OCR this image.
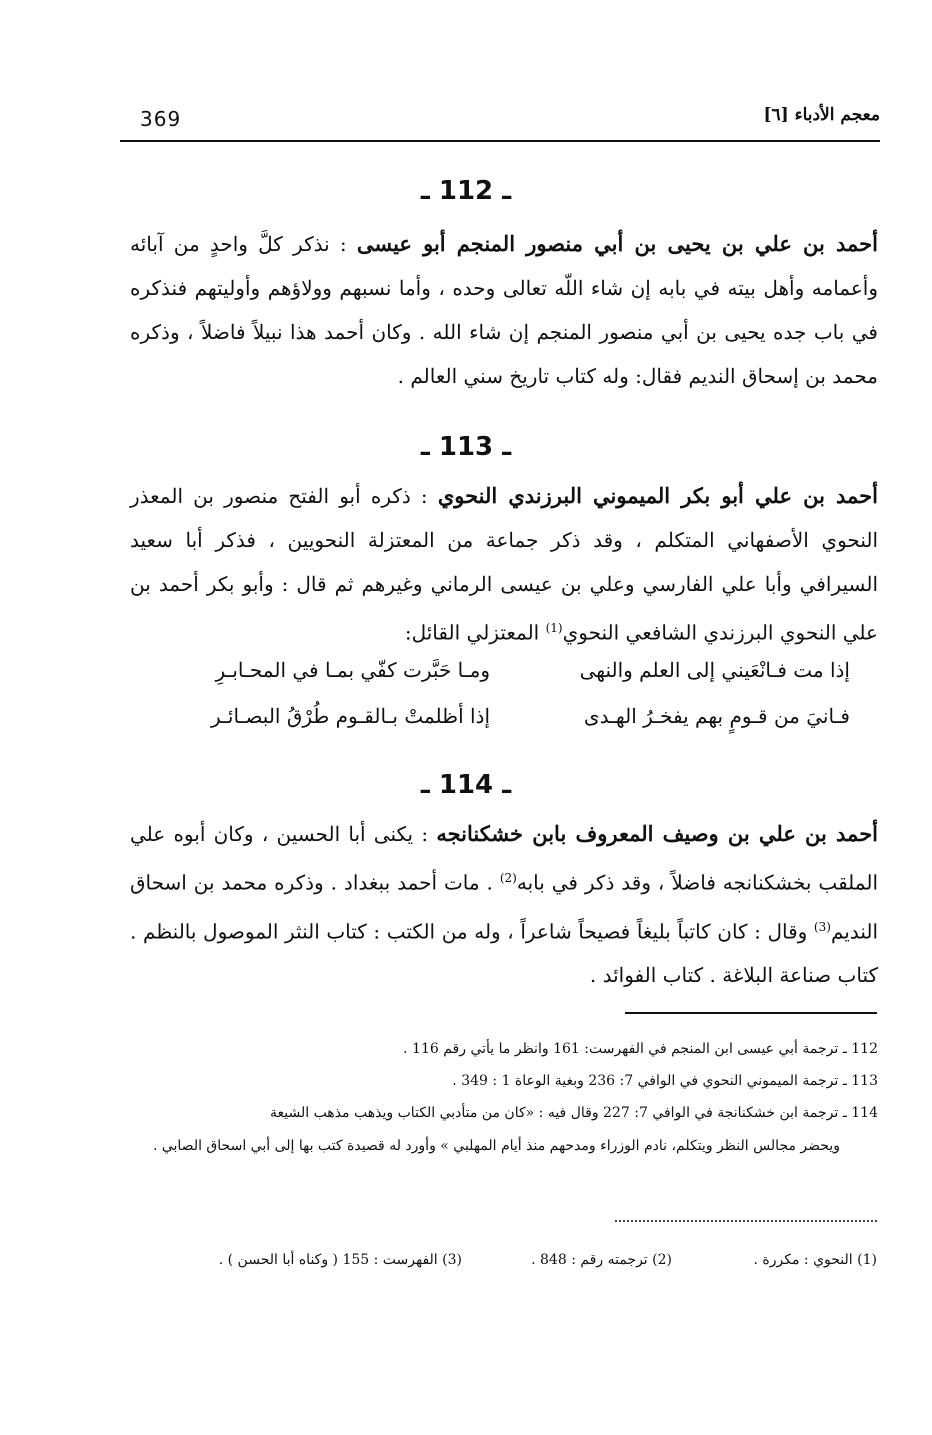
369	معجم الأدباء [٦]
ـ 112 ـ
أحمد بن علي بن يحيى بن أبي منصور المنجم أبو عيسى : نذكر كلَّ واحدٍ من آبائه وأعمامه وأهل بيته في بابه إن شاء اللّه تعالى وحده ، وأما نسبهم وولاؤهم وأوليتهم فنذكره في باب جده يحيى بن أبي منصور المنجم إن شاء الله . وكان أحمد هذا نبيلاً فاضلاً ، وذكره محمد بن إسحاق النديم فقال: وله كتاب تاريخ سني العالم .
ـ 113 ـ
أحمد بن علي أبو بكر الميموني البرزندي النحوي : ذكره أبو الفتح منصور بن المعذر النحوي الأصفهاني المتكلم ، وقد ذكر جماعة من المعتزلة النحويين ، فذكر أبا سعيد السيرافي وأبا علي الفارسي وعلي بن عيسى الرماني وغيرهم ثم قال : وأبو بكر أحمد بن علي النحوي البرزندي الشافعي النحوي$^{(1)}$ المعتزلي القائل:
إذا مت فـانْعَيني إلى العلم والنهى
ومـا حَبَّرت كفّي بمـا في المحـابـرِ
فـانيَ من قـومٍ بهم يفخـرُ الهـدى
إذا أظلمتْ بـالقـوم طُرْقُ البصـائـر
ـ 114 ـ
أحمد بن علي بن وصيف المعروف بابن خشكنانجه : يكنى أبا الحسين ، وكان أبوه علي الملقب بخشكنانجه فاضلاً ، وقد ذكر في بابه$^{(2)}$ . مات أحمد ببغداد . وذكره محمد بن اسحاق النديم$^{(3)}$ وقال : كان كاتباً بليغاً فصيحاً شاعراً ، وله من الكتب : كتاب النثر الموصول بالنظم . كتاب صناعة البلاغة . كتاب الفوائد .
112 ـ ترجمة أبي عيسى ابن المنجم في الفهرست: 161 وانظر ما يأتي رقم 116 .
113 ـ ترجمة الميموني النحوي في الوافي 7: 236 وبغية الوعاة 1 : 349 .
114 ـ ترجمة ابن خشكنانجة في الوافي 7: 227 وقال فيه : «كان من متأدبي الكتاب ويذهب مذهب الشيعة
ويحضر مجالس النظر ويتكلم، نادم الوزراء ومدحهم منذ أيام المهلبي » وأورد له قصيدة كتب بها إلى أبي اسحاق الصابي .
(1) النحوي : مكررة .
(2) ترجمته رقم : 848 .
(3) الفهرست : 155 ( وكناه أبا الحسن ) .
